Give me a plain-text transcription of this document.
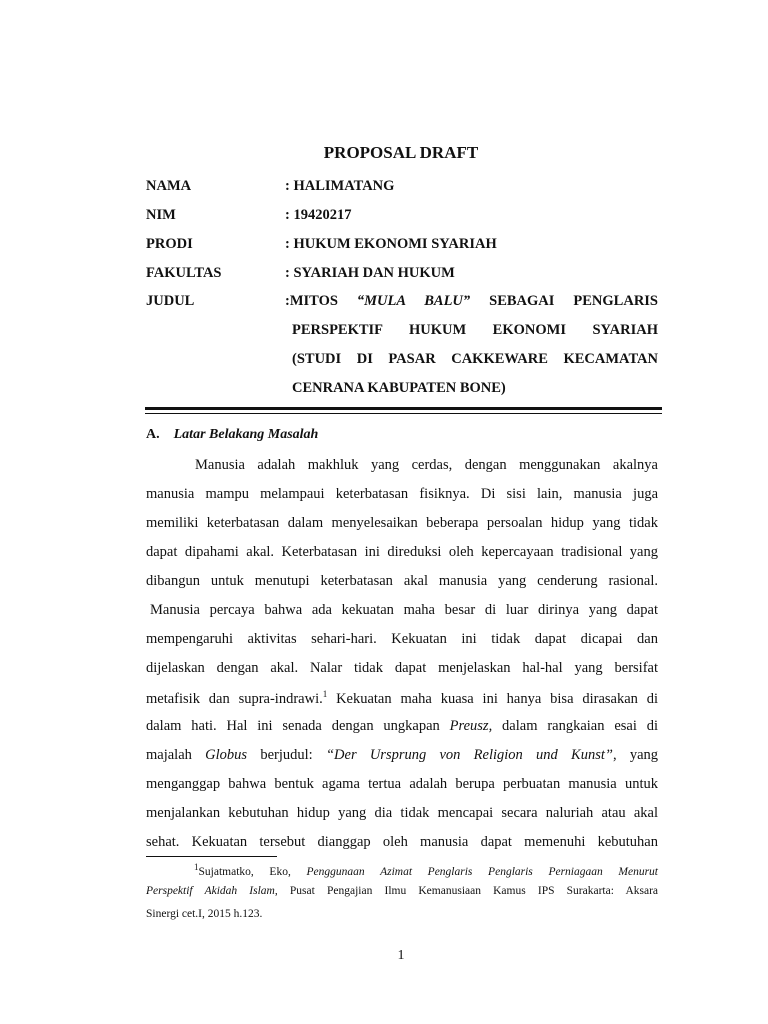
PROPOSAL DRAFT
NAMA	: HALIMATANG
NIM	: 19420217
PRODI	: HUKUM EKONOMI SYARIAH
FAKULTAS	: SYARIAH DAN HUKUM
JUDUL	:MITOS “MULA BALU” SEBAGAI PENGLARIS
PERSPEKTIF HUKUM EKONOMI SYARIAH
(STUDI DI PASAR CAKKEWARE KECAMATAN
CENRANA KABUPATEN BONE)
A. Latar Belakang Masalah
Manusia adalah makhluk yang cerdas, dengan menggunakan akalnya
manusia mampu melampaui keterbatasan fisiknya. Di sisi lain, manusia juga
memiliki keterbatasan dalam menyelesaikan beberapa persoalan hidup yang tidak
dapat dipahami akal. Keterbatasan ini direduksi oleh kepercayaan tradisional yang
dibangun untuk menutupi keterbatasan akal manusia yang cenderung rasional.
Manusia percaya bahwa ada kekuatan maha besar di luar dirinya yang dapat
mempengaruhi aktivitas sehari-hari. Kekuatan ini tidak dapat dicapai dan
dijelaskan dengan akal. Nalar tidak dapat menjelaskan hal-hal yang bersifat
metafisik dan supra-indrawi.$^1$ Kekuatan maha kuasa ini hanya bisa dirasakan di
dalam hati. Hal ini senada dengan ungkapan Preusz, dalam rangkaian esai di
majalah Globus berjudul: “Der Ursprung von Religion und Kunst”, yang
menganggap bahwa bentuk agama tertua adalah berupa perbuatan manusia untuk
menjalankan kebutuhan hidup yang dia tidak mencapai secara naluriah atau akal
sehat. Kekuatan tersebut dianggap oleh manusia dapat memenuhi kebutuhan
$^1$Sujatmatko, Eko, Penggunaan Azimat Penglaris Penglaris Perniagaan Menurut
Perspektif Akidah Islam, Pusat Pengajian Ilmu Kemanusiaan Kamus IPS Surakarta: Aksara
Sinergi cet.I, 2015 h.123.
1
